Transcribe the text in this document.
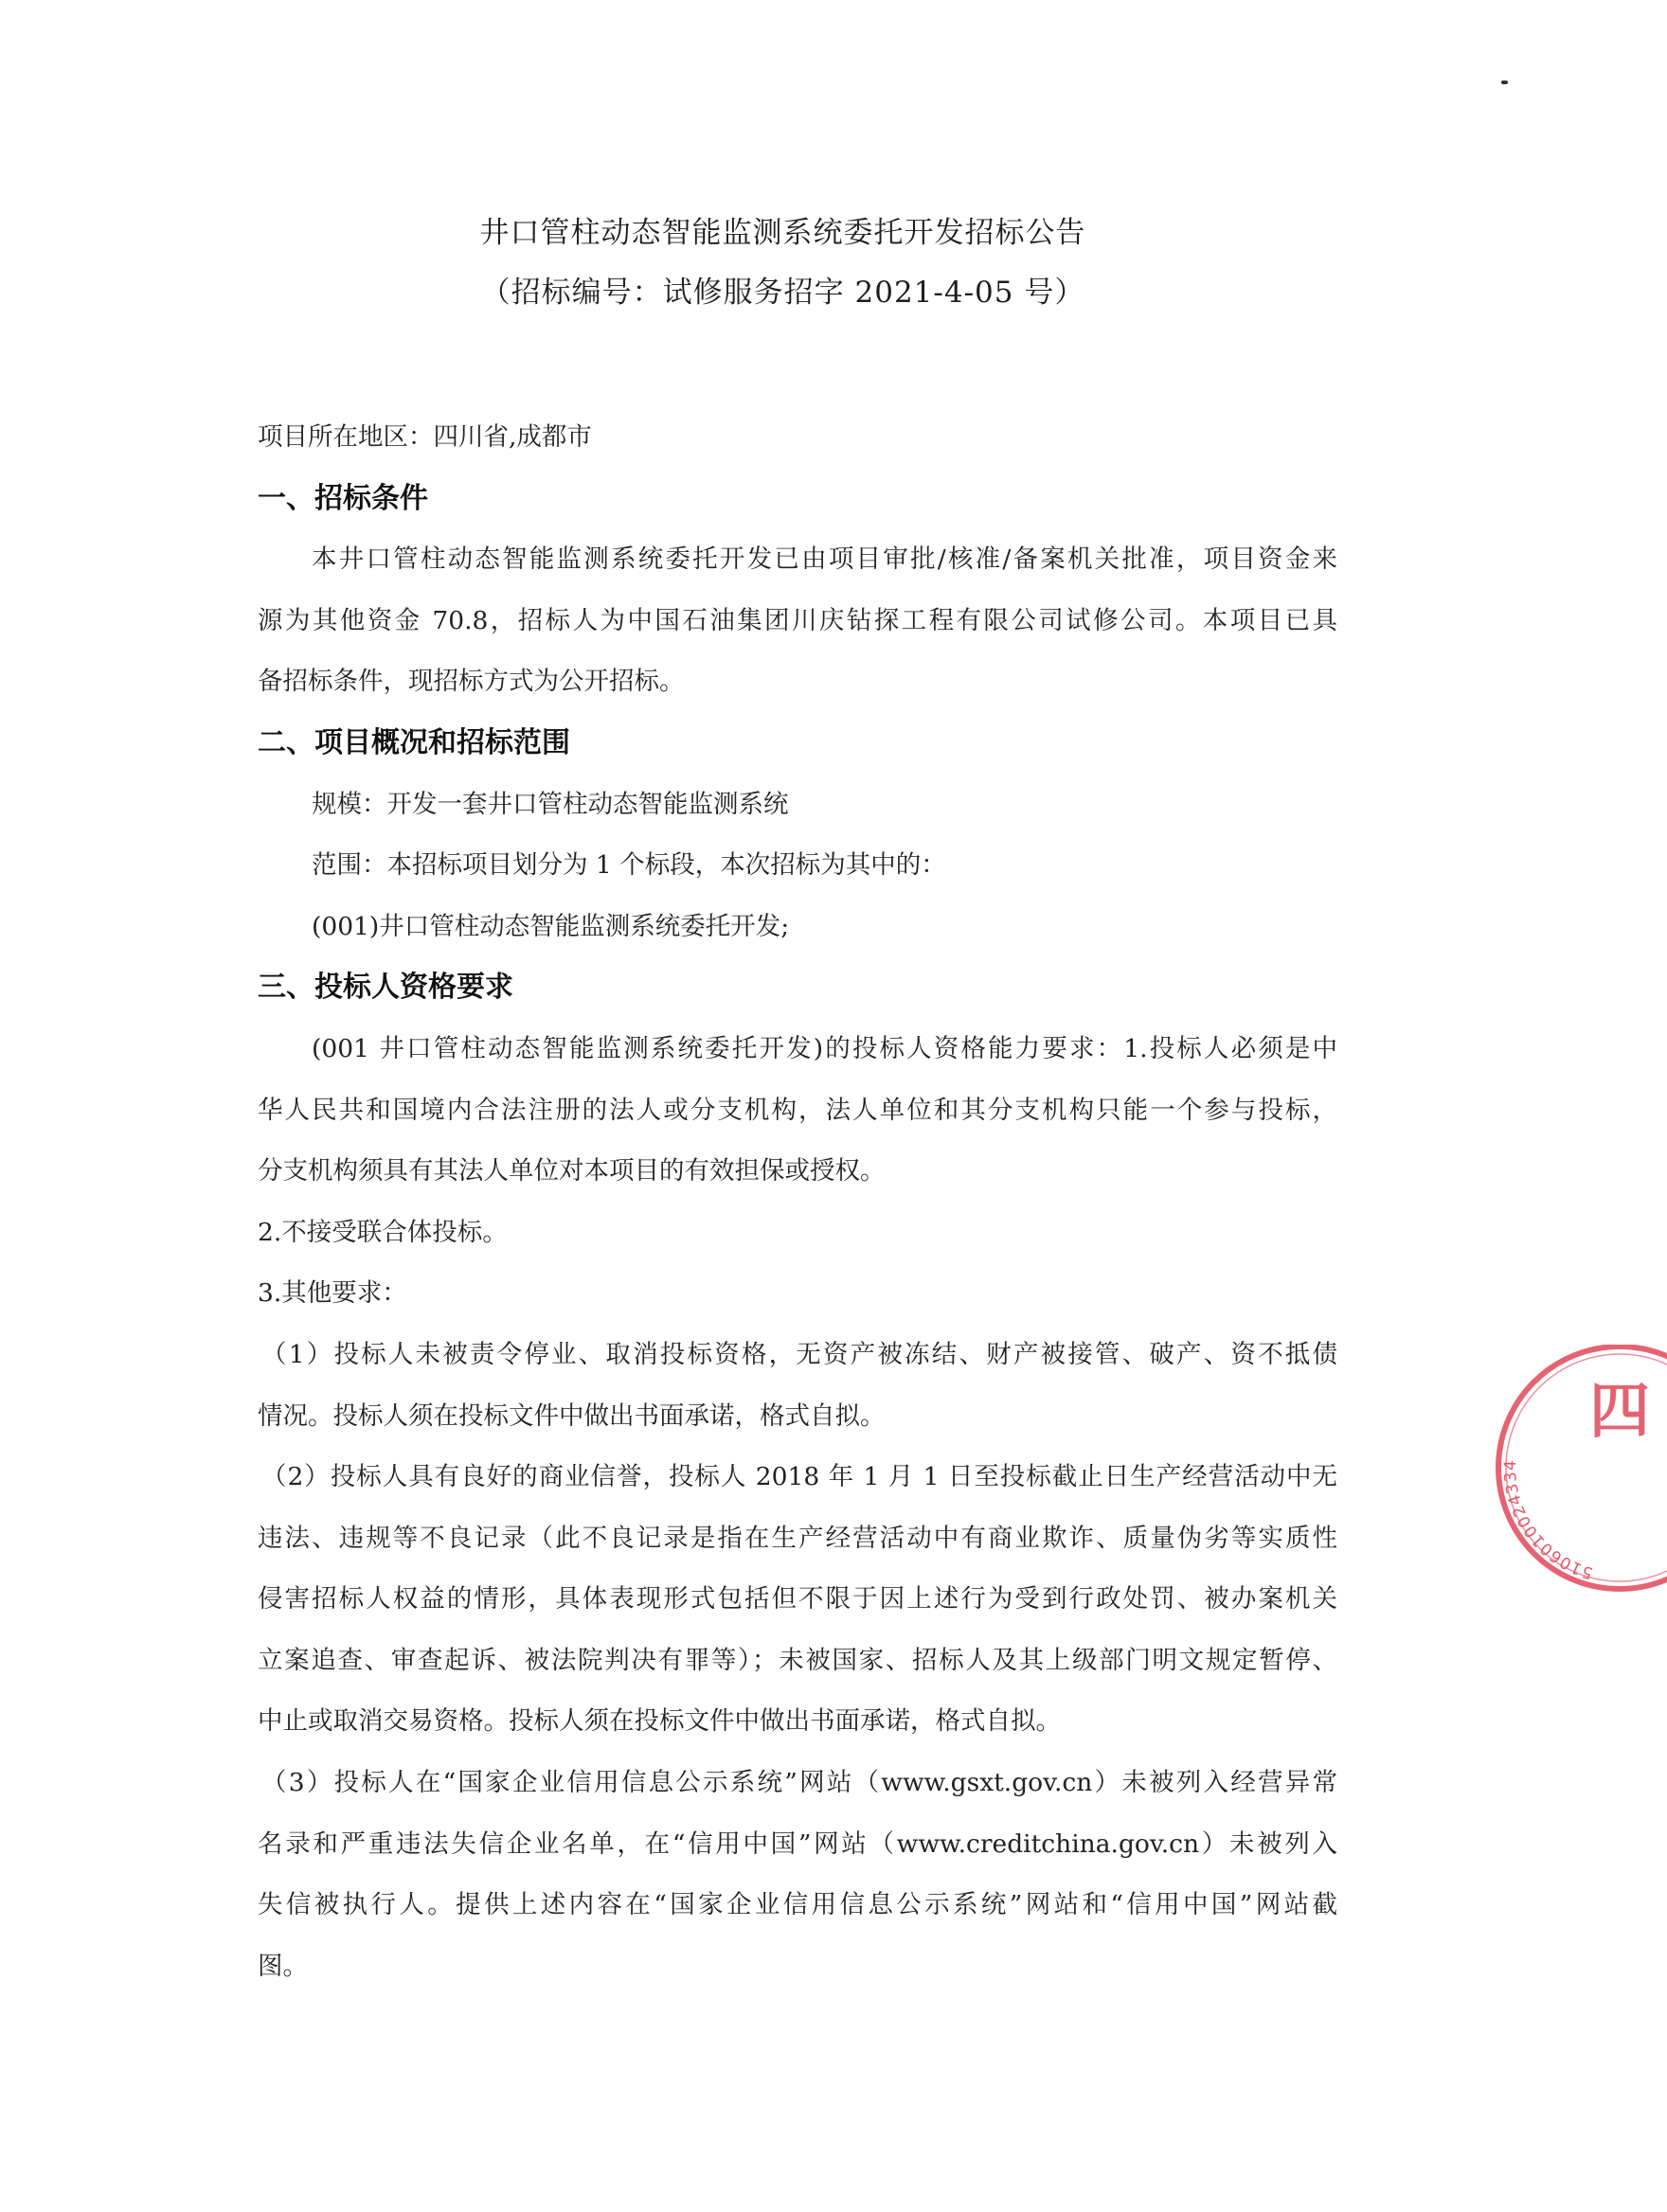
井口管柱动态智能监测系统委托开发招标公告
（招标编号：试修服务招字 2021-4-05 号）
项目所在地区：四川省,成都市
一、招标条件
本井口管柱动态智能监测系统委托开发已由项目审批/核准/备案机关批准，项目资金来
源为其他资金 70.8，招标人为中国石油集团川庆钻探工程有限公司试修公司。本项目已具
备招标条件，现招标方式为公开招标。
二、项目概况和招标范围
规模：开发一套井口管柱动态智能监测系统
范围：本招标项目划分为 1 个标段，本次招标为其中的：
(001)井口管柱动态智能监测系统委托开发;
三、投标人资格要求
(001 井口管柱动态智能监测系统委托开发)的投标人资格能力要求：1.投标人必须是中
华人民共和国境内合法注册的法人或分支机构，法人单位和其分支机构只能一个参与投标，
分支机构须具有其法人单位对本项目的有效担保或授权。
2.不接受联合体投标。
3.其他要求：
（1）投标人未被责令停业、取消投标资格，无资产被冻结、财产被接管、破产、资不抵债
情况。投标人须在投标文件中做出书面承诺，格式自拟。
（2）投标人具有良好的商业信誉，投标人 2018 年 1 月 1 日至投标截止日生产经营活动中无
违法、违规等不良记录（此不良记录是指在生产经营活动中有商业欺诈、质量伪劣等实质性
侵害招标人权益的情形，具体表现形式包括但不限于因上述行为受到行政处罚、被办案机关
立案追查、审查起诉、被法院判决有罪等）；未被国家、招标人及其上级部门明文规定暂停、
中止或取消交易资格。投标人须在投标文件中做出书面承诺，格式自拟。
（3）投标人在“国家企业信用信息公示系统”网站（www.gsxt.gov.cn）未被列入经营异常
名录和严重违法失信企业名单，在“信用中国”网站（www.creditchina.gov.cn）未被列入
失信被执行人。提供上述内容在“国家企业信用信息公示系统”网站和“信用中国”网站截
图。
四
5106010024334
